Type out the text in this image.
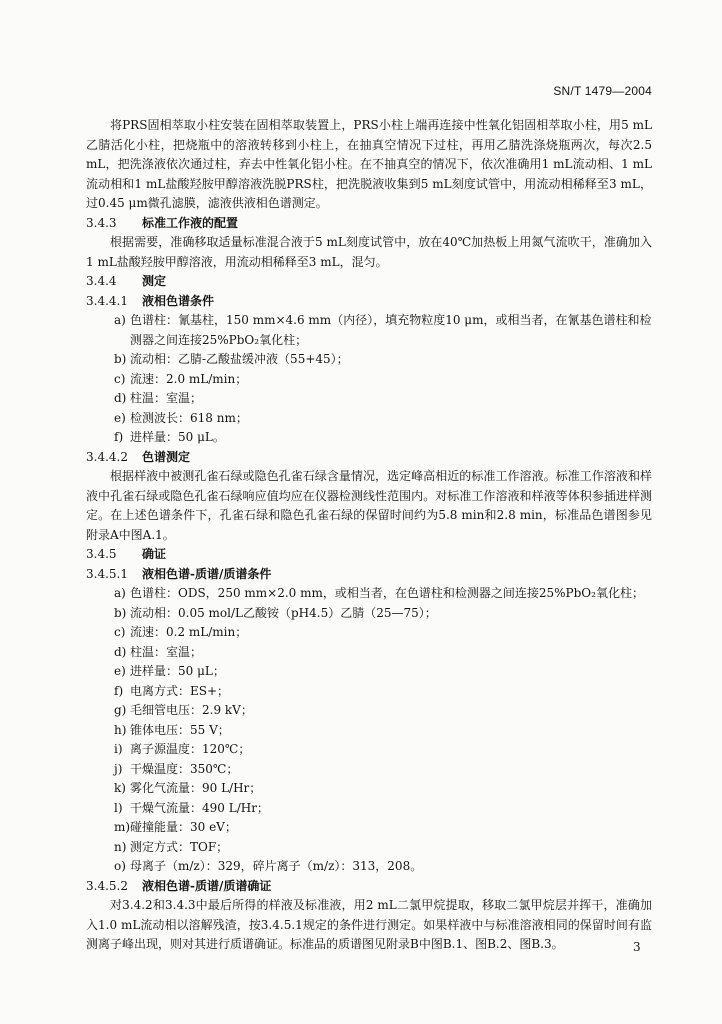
SN/T 1479—2004

将PRS固相萃取小柱安装在固相萃取装置上，PRS小柱上端再连接中性氧化铝固相萃取小柱，用5 mL乙腈活化小柱，把烧瓶中的溶液转移到小柱上，在抽真空情况下过柱，再用乙腈洗涤烧瓶两次，每次2.5 mL，把洗涤液依次通过柱，弃去中性氧化铝小柱。在不抽真空的情况下，依次准确用1 mL流动相、1 mL流动相和1 mL盐酸羟胺甲醇溶液洗脱PRS柱，把洗脱液收集到5 mL刻度试管中，用流动相稀释至3 mL，过0.45 μm微孔滤膜，滤液供液相色谱测定。

3.4.3 标准工作液的配置

根据需要，准确移取适量标准混合液于5 mL刻度试管中，放在40℃加热板上用氮气流吹干，准确加入1 mL盐酸羟胺甲醇溶液，用流动相稀释至3 mL，混匀。

3.4.4 测定

3.4.4.1 液相色谱条件

a) 色谱柱：氰基柱，150 mm×4.6 mm（内径），填充物粒度10 μm，或相当者，在氰基色谱柱和检测器之间连接25%PbO₂氧化柱；

b) 流动相：乙腈-乙酸盐缓冲液（55+45）；

c) 流速：2.0 mL/min；

d) 柱温：室温；

e) 检测波长：618 nm；

f) 进样量：50 μL。

3.4.4.2 色谱测定

根据样液中被测孔雀石绿或隐色孔雀石绿含量情况，选定峰高相近的标准工作溶液。标准工作溶液和样液中孔雀石绿或隐色孔雀石绿响应值均应在仪器检测线性范围内。对标准工作溶液和样液等体积参插进样测定。在上述色谱条件下，孔雀石绿和隐色孔雀石绿的保留时间约为5.8 min和2.8 min，标准品色谱图参见附录A中图A.1。

3.4.5 确证

3.4.5.1 液相色谱-质谱/质谱条件

a) 色谱柱：ODS，250 mm×2.0 mm，或相当者，在色谱柱和检测器之间连接25%PbO₂氧化柱；

b) 流动相：0.05 mol/L乙酸铵（pH4.5）乙腈（25—75）；

c) 流速：0.2 mL/min；

d) 柱温：室温；

e) 进样量：50 μL；

f) 电离方式：ES+；

g) 毛细管电压：2.9 kV；

h) 锥体电压：55 V；

i) 离子源温度：120℃；

j) 干燥温度：350℃；

k) 雾化气流量：90 L/Hr；

l) 干燥气流量：490 L/Hr；

m) 碰撞能量：30 eV；

n) 测定方式：TOF；

o) 母离子（m/z）：329，碎片离子（m/z）：313，208。

3.4.5.2 液相色谱-质谱/质谱确证

对3.4.2和3.4.3中最后所得的样液及标准液，用2 mL二氯甲烷提取，移取二氯甲烷层并挥干，准确加入1.0 mL流动相以溶解残渣，按3.4.5.1规定的条件进行测定。如果样液中与标准溶液相同的保留时间有监测离子峰出现，则对其进行质谱确证。标准品的质谱图见附录B中图B.1、图B.2、图B.3。	3
